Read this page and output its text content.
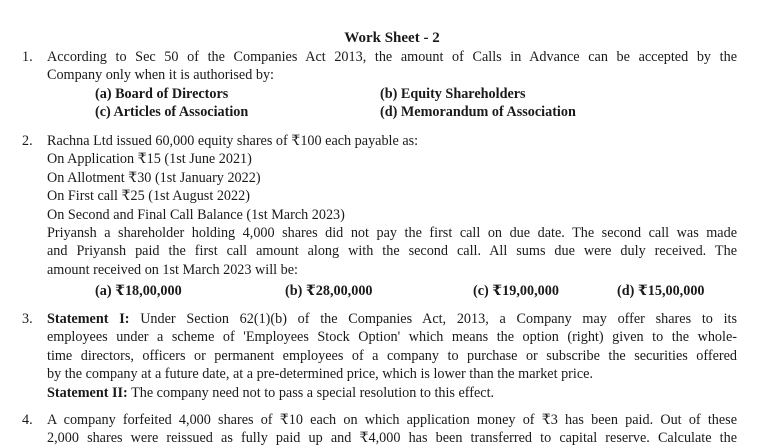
Work Sheet - 2
1. According to Sec 50 of the Companies Act 2013, the amount of Calls in Advance can be accepted by the
Company only when it is authorised by:
(a) Board of Directors	(b) Equity Shareholders
(c) Articles of Association	(d) Memorandum of Association
2. Rachna Ltd issued 60,000 equity shares of ₹100 each payable as:
On Application ₹15 (1st June 2021)
On Allotment ₹30 (1st January 2022)
On First call ₹25 (1st August 2022)
On Second and Final Call Balance (1st March 2023)
Priyansh a shareholder holding 4,000 shares did not pay the first call on due date. The second call was made
and Priyansh paid the first call amount along with the second call. All sums due were duly received. The
amount received on 1st March 2023 will be:
(a) ₹18,00,000	(b) ₹28,00,000	(c) ₹19,00,000	(d) ₹15,00,000
3. Statement I: Under Section 62(1)(b) of the Companies Act, 2013, a Company may offer shares to its
employees under a scheme of 'Employees Stock Option' which means the option (right) given to the whole-
time directors, officers or permanent employees of a company to purchase or subscribe the securities offered
by the company at a future date, at a pre-determined price, which is lower than the market price.
Statement II: The company need not to pass a special resolution to this effect.
4. A company forfeited 4,000 shares of ₹10 each on which application money of ₹3 has been paid. Out of these
2,000 shares were reissued as fully paid up and ₹4,000 has been transferred to capital reserve. Calculate the
